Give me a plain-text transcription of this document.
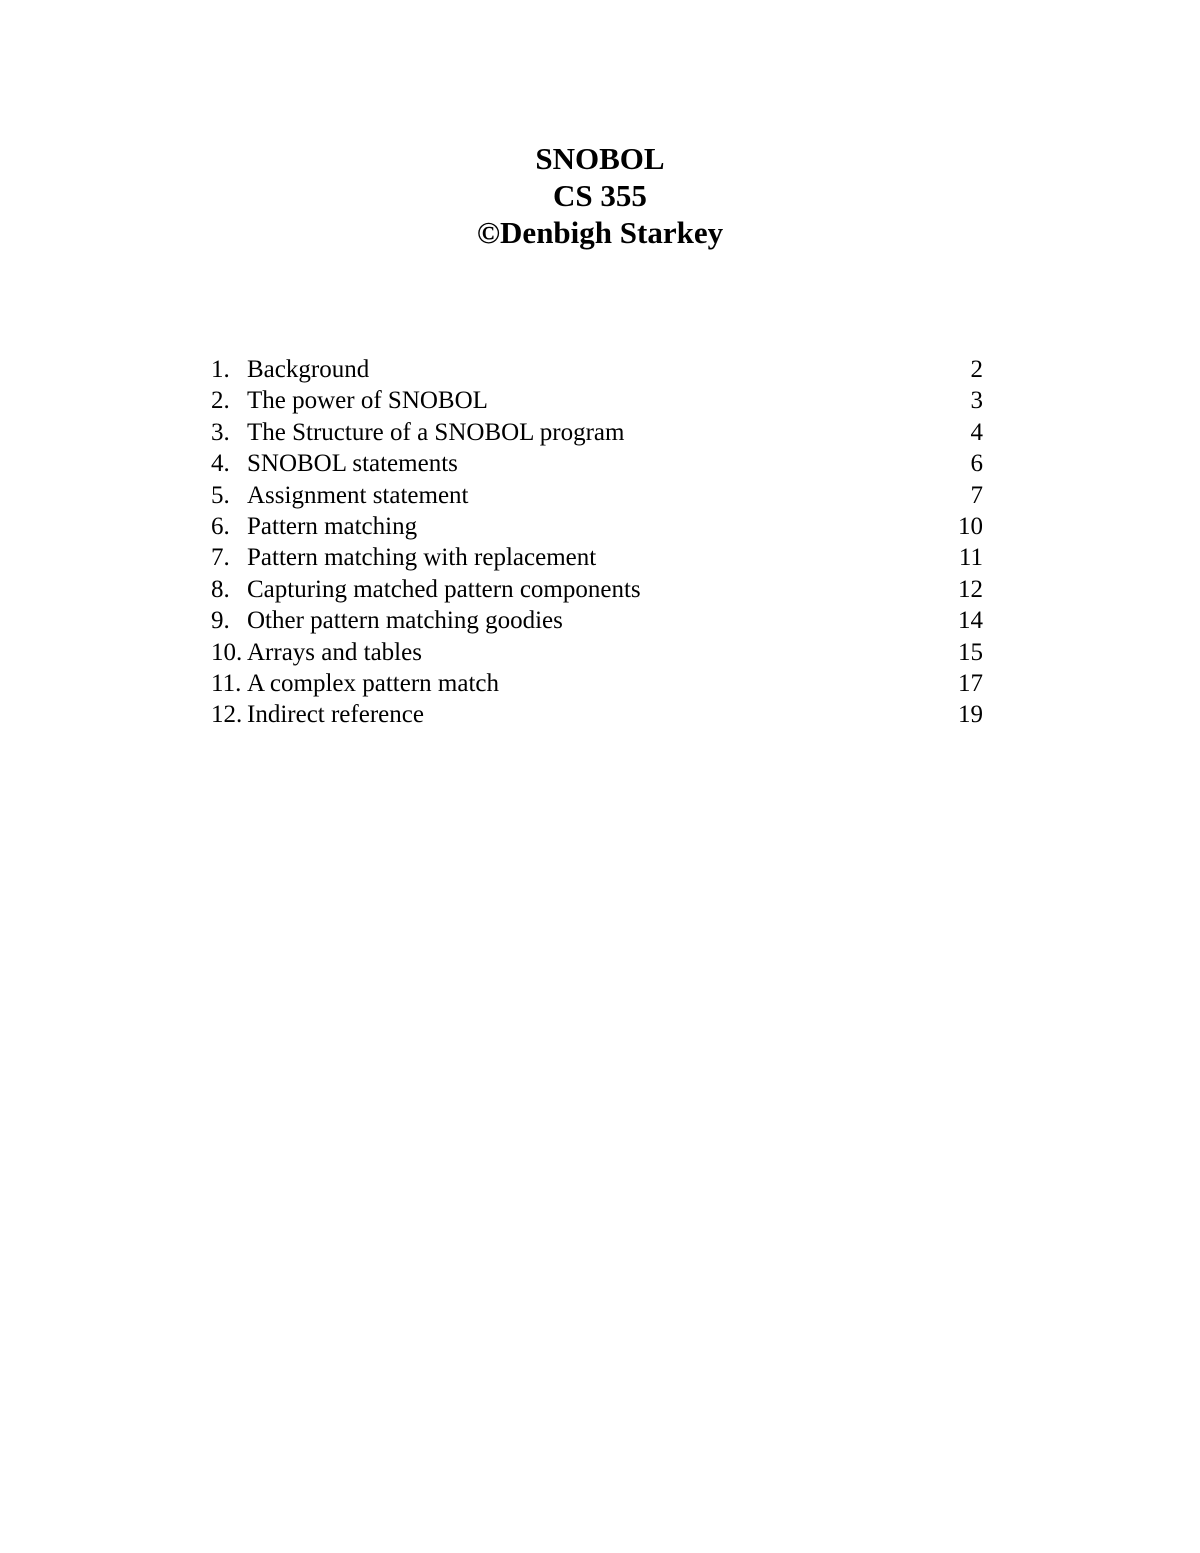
SNOBOL
CS 355
©Denbigh Starkey
1. Background	2
2. The power of SNOBOL	3
3. The Structure of a SNOBOL program	4
4. SNOBOL statements	6
5. Assignment statement	7
6. Pattern matching	10
7. Pattern matching with replacement	11
8. Capturing matched pattern components	12
9. Other pattern matching goodies	14
10. Arrays and tables	15
11. A complex pattern match	17
12. Indirect reference	19
